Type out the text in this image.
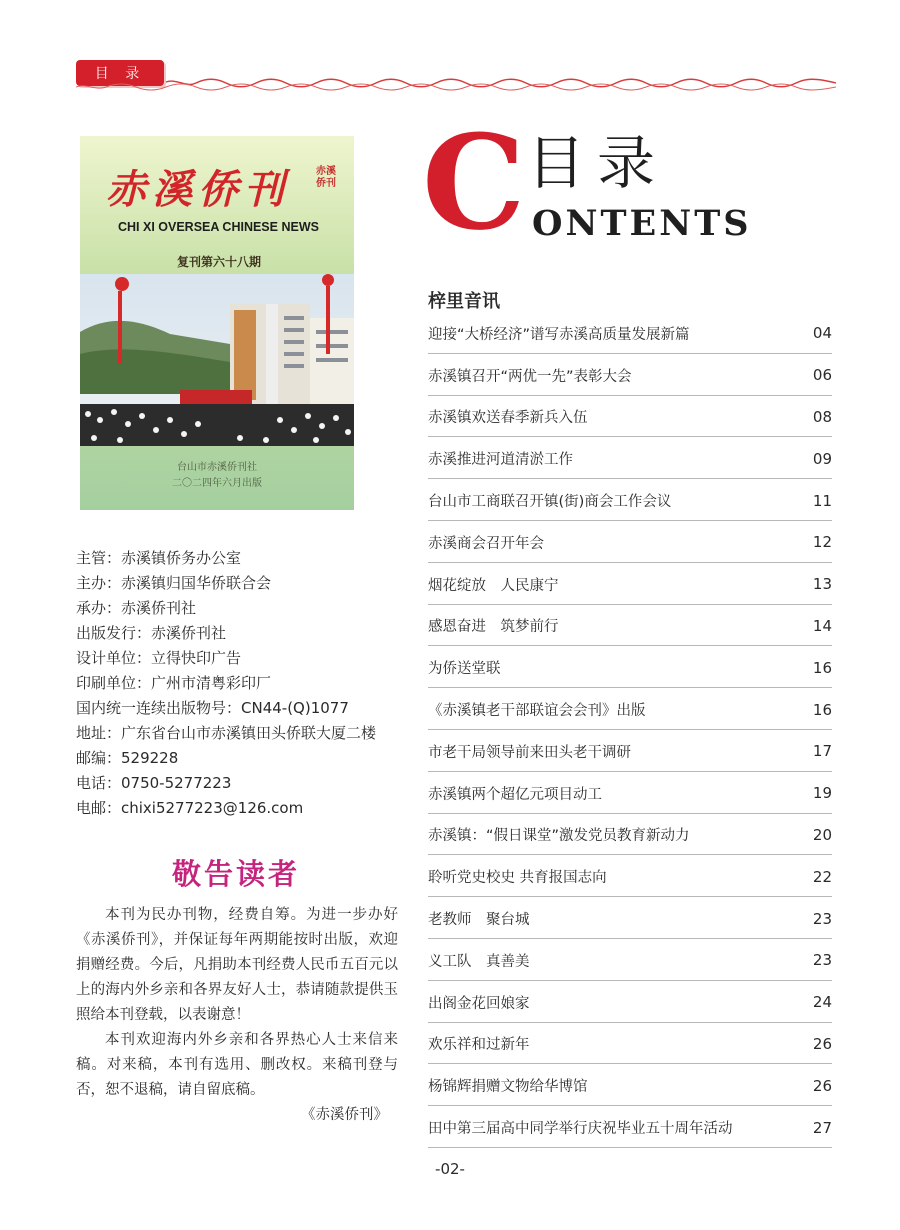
目 录
赤溪侨刊	赤溪侨刊
CHI XI OVERSEA CHINESE NEWS
复刊第六十八期
台山市赤溪侨刊社
二〇二四年六月出版
主管：赤溪镇侨务办公室
主办：赤溪镇归国华侨联合会
承办：赤溪侨刊社
出版发行：赤溪侨刊社
设计单位：立得快印广告
印刷单位：广州市清粤彩印厂
国内统一连续出版物号：CN44-(Q)1077
地址：广东省台山市赤溪镇田头侨联大厦二楼
邮编：529228
电话：0750-5277223
电邮：chixi5277223@126.com
敬告读者

本刊为民办刊物，经费自筹。为进一步办好《赤溪侨刊》，并保证每年两期能按时出版，欢迎捐赠经费。今后，凡捐助本刊经费人民币五百元以上的海内外乡亲和各界友好人士，恭请随款提供玉照给本刊登载，以表谢意！

本刊欢迎海内外乡亲和各界热心人士来信来稿。对来稿，本刊有选用、删改权。来稿刊登与否，恕不退稿，请自留底稿。

《赤溪侨刊》

C 目录
ONTENTS
梓里音讯
迎接“大桥经济”谱写赤溪高质量发展新篇	04
赤溪镇召开“两优一先”表彰大会	06
赤溪镇欢送春季新兵入伍	08
赤溪推进河道清淤工作	09
台山市工商联召开镇(街)商会工作会议	11
赤溪商会召开年会	12
烟花绽放　人民康宁	13
感恩奋进　筑梦前行	14
为侨送堂联	16
《赤溪镇老干部联谊会会刊》出版	16
市老干局领导前来田头老干调研	17
赤溪镇两个超亿元项目动工	19
赤溪镇：“假日课堂”激发党员教育新动力	20
聆听党史校史 共育报国志向	22
老教师　聚台城	23
义工队　真善美	23
出阁金花回娘家	24
欢乐祥和过新年	26
杨锦辉捐赠文物给华博馆	26
田中第三届高中同学举行庆祝毕业五十周年活动	27
-02-
